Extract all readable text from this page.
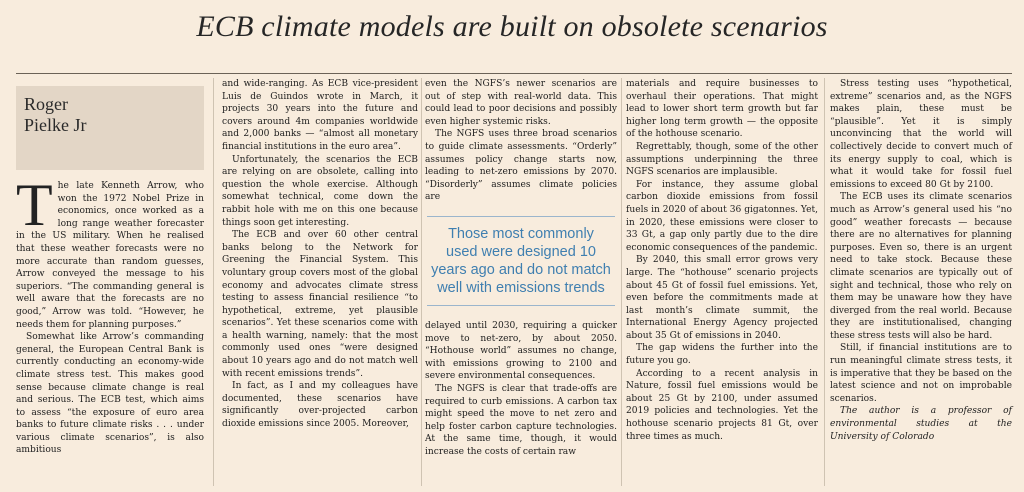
ECB climate models are built on obsolete scenarios
Roger
Pielke Jr

The late Kenneth Arrow, who won the 1972 Nobel Prize in economics, once worked as a long range weather forecaster in the US military. When he realised that these weather forecasts were no more accurate than random guesses, Arrow conveyed the message to his superiors. “The commanding general is well aware that the forecasts are no good,” Arrow was told. “However, he needs them for planning purposes.”

Somewhat like Arrow’s commanding general, the European Central Bank is currently conducting an economy-wide climate stress test. This makes good sense because climate change is real and serious. The ECB test, which aims to assess “the exposure of euro area banks to future climate risks . . . under various climate scenarios”, is also ambitious

and wide-ranging. As ECB vice-president Luis de Guindos wrote in March, it projects 30 years into the future and covers around 4m companies worldwide and 2,000 banks — “almost all monetary financial institutions in the euro area”.

Unfortunately, the scenarios the ECB are relying on are obsolete, calling into question the whole exercise. Although somewhat technical, come down the rabbit hole with me on this one because things soon get interesting.

The ECB and over 60 other central banks belong to the Network for Greening the Financial System. This voluntary group covers most of the global economy and advocates climate stress testing to assess financial resilience “to hypothetical, extreme, yet plausible scenarios”. Yet these scenarios come with a health warning, namely: that the most commonly used ones “were designed about 10 years ago and do not match well with recent emissions trends”.

In fact, as I and my colleagues have documented, these scenarios have significantly over-projected carbon dioxide emissions since 2005. Moreover,

even the NGFS’s newer scenarios are out of step with real-world data. This could lead to poor decisions and possibly even higher systemic risks.

The NGFS uses three broad scenarios to guide climate assessments. “Orderly” assumes policy change starts now, leading to net-zero emissions by 2070. “Disorderly” assumes climate policies are

Those most commonly used were designed 10 years ago and do not match well with emissions trends

delayed until 2030, requiring a quicker move to net-zero, by about 2050. “Hothouse world” assumes no change, with emissions growing to 2100 and severe environmental consequences.

The NGFS is clear that trade-offs are required to curb emissions. A carbon tax might speed the move to net zero and help foster carbon capture technologies. At the same time, though, it would increase the costs of certain raw

materials and require businesses to overhaul their operations. That might lead to lower short term growth but far higher long term growth — the opposite of the hothouse scenario.

Regrettably, though, some of the other assumptions underpinning the three NGFS scenarios are implausible.

For instance, they assume global carbon dioxide emissions from fossil fuels in 2020 of about 36 gigatonnes. Yet, in 2020, these emissions were closer to 33 Gt, a gap only partly due to the dire economic consequences of the pandemic.

By 2040, this small error grows very large. The “hothouse” scenario projects about 45 Gt of fossil fuel emissions. Yet, even before the commitments made at last month’s climate summit, the International Energy Agency projected about 35 Gt of emissions in 2040.

The gap widens the further into the future you go.

According to a recent analysis in Nature, fossil fuel emissions would be about 25 Gt by 2100, under assumed 2019 policies and technologies. Yet the hothouse scenario projects 81 Gt, over three times as much.

Stress testing uses “hypothetical, extreme” scenarios and, as the NGFS makes plain, these must be “plausible”. Yet it is simply unconvincing that the world will collectively decide to convert much of its energy supply to coal, which is what it would take for fossil fuel emissions to exceed 80 Gt by 2100.

The ECB uses its climate scenarios much as Arrow’s general used his “no good” weather forecasts — because there are no alternatives for planning purposes. Even so, there is an urgent need to take stock. Because these climate scenarios are typically out of sight and technical, those who rely on them may be unaware how they have diverged from the real world. Because they are institutionalised, changing these stress tests will also be hard.

Still, if financial institutions are to run meaningful climate stress tests, it is imperative that they be based on the latest science and not on improbable scenarios.

The author is a professor of environmental studies at the University of Colorado
